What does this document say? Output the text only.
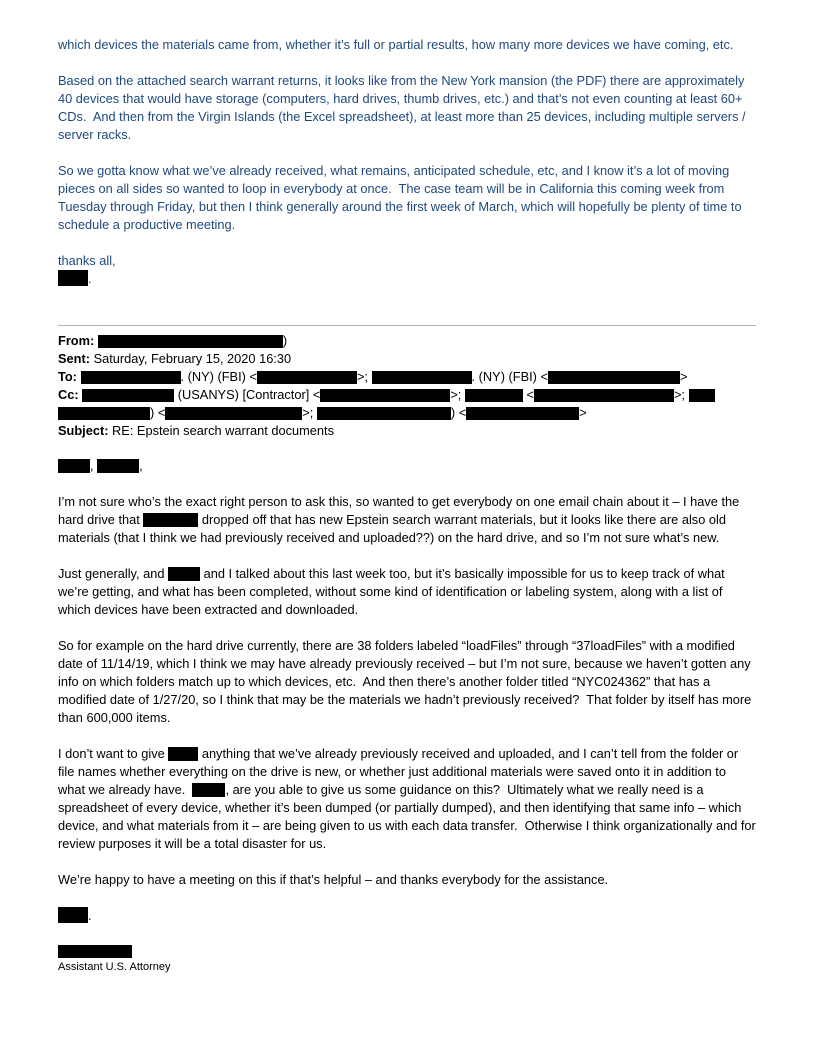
which devices the materials came from, whether it’s full or partial results, how many more devices we have coming, etc.

Based on the attached search warrant returns, it looks like from the New York mansion (the PDF) there are approximately 40 devices that would have storage (computers, hard drives, thumb drives, etc.) and that’s not even counting at least 60+ CDs.  And then from the Virgin Islands (the Excel spreadsheet), at least more than 25 devices, including multiple servers / server racks.

So we gotta know what we’ve already received, what remains, anticipated schedule, etc, and I know it’s a lot of moving pieces on all sides so wanted to loop in everybody at once.  The case team will be in California this coming week from Tuesday through Friday, but then I think generally around the first week of March, which will hopefully be plenty of time to schedule a productive meeting.

thanks all,
.
From:	)
Sent: Saturday, February 15, 2020 16:30
To:	. (NY) (FBI) <	>;	. (NY) (FBI) <	>
Cc:	(USANYS) [Contractor] <	>;	<	>;
) <	>;	) <	>
Subject: RE: Epstein search warrant documents
,	,

I’m not sure who’s the exact right person to ask this, so wanted to get everybody on one email chain about it – I have the hard drive that	dropped off that has new Epstein search warrant materials, but it looks like there are also old materials (that I think we had previously received and uploaded??) on the hard drive, and so I’m not sure what’s new.

Just generally, and	and I talked about this last week too, but it’s basically impossible for us to keep track of what we’re getting, and what has been completed, without some kind of identification or labeling system, along with a list of which devices have been extracted and downloaded.

So for example on the hard drive currently, there are 38 folders labeled “loadFiles” through “37loadFiles” with a modified date of 11/14/19, which I think we may have already previously received – but I’m not sure, because we haven’t gotten any info on which folders match up to which devices, etc.  And then there’s another folder titled “NYC024362” that has a modified date of 1/27/20, so I think that may be the materials we hadn’t previously received?  That folder by itself has more than 600,000 items.

I don’t want to give  anything that we’ve already previously received and uploaded, and I can’t tell from the folder or file names whether everything on the drive is new, or whether just additional materials were saved onto it in addition to what we already have.	, are you able to give us some guidance on this?  Ultimately what we really need is a spreadsheet of every device, whether it’s been dumped (or partially dumped), and then identifying that same info – which device, and what materials from it – are being given to us with each data transfer.  Otherwise I think organizationally and for review purposes it will be a total disaster for us.

We’re happy to have a meeting on this if that’s helpful – and thanks everybody for the assistance.

.
Assistant U.S. Attorney
